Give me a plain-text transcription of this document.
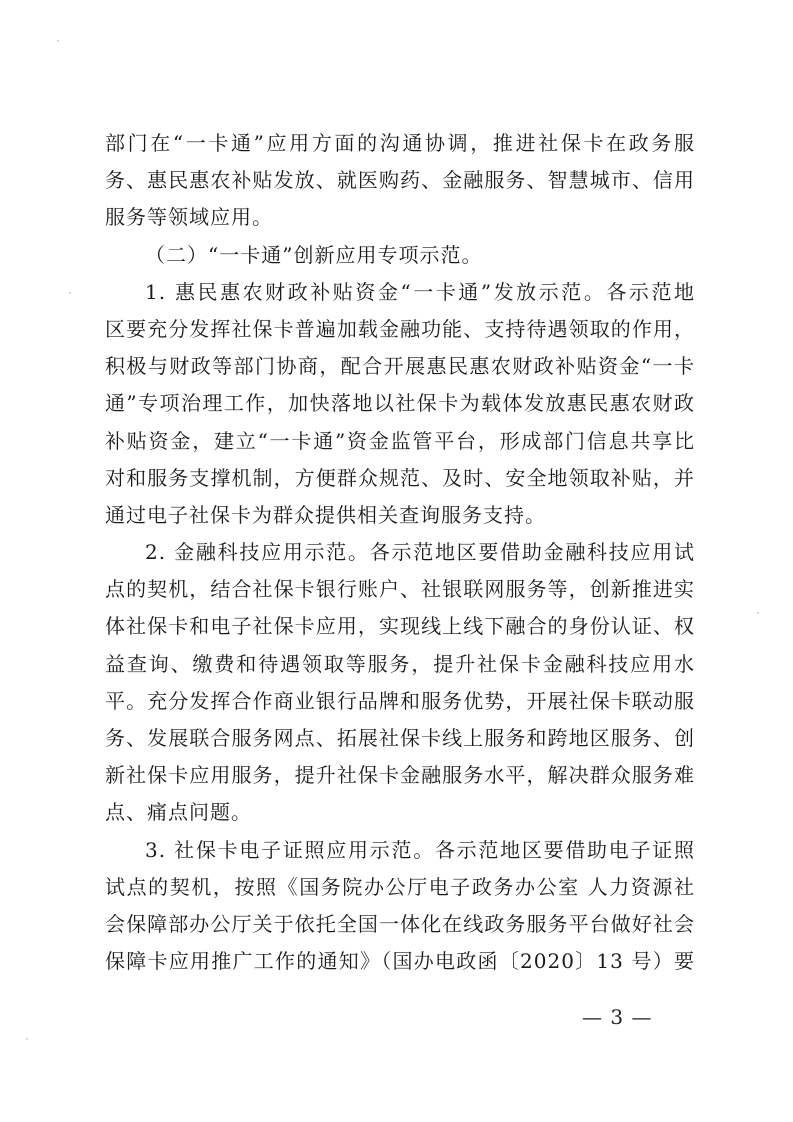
部门在“一卡通”应用方面的沟通协调，推进社保卡在政务服
务、惠民惠农补贴发放、就医购药、金融服务、智慧城市、信用
服务等领域应用。
（二）“一卡通”创新应用专项示范。
1. 惠民惠农财政补贴资金“一卡通”发放示范。各示范地
区要充分发挥社保卡普遍加载金融功能、支持待遇领取的作用，
积极与财政等部门协商，配合开展惠民惠农财政补贴资金“一卡
通”专项治理工作，加快落地以社保卡为载体发放惠民惠农财政
补贴资金，建立“一卡通”资金监管平台，形成部门信息共享比
对和服务支撑机制，方便群众规范、及时、安全地领取补贴，并
通过电子社保卡为群众提供相关查询服务支持。
2. 金融科技应用示范。各示范地区要借助金融科技应用试
点的契机，结合社保卡银行账户、社银联网服务等，创新推进实
体社保卡和电子社保卡应用，实现线上线下融合的身份认证、权
益查询、缴费和待遇领取等服务，提升社保卡金融科技应用水
平。充分发挥合作商业银行品牌和服务优势，开展社保卡联动服
务、发展联合服务网点、拓展社保卡线上服务和跨地区服务、创
新社保卡应用服务，提升社保卡金融服务水平，解决群众服务难
点、痛点问题。
3. 社保卡电子证照应用示范。各示范地区要借助电子证照
试点的契机，按照《国务院办公厅电子政务办公室 人力资源社
会保障部办公厅关于依托全国一体化在线政务服务平台做好社会
保障卡应用推广工作的通知》（国办电政函〔2020〕13 号）要
— 3 —
